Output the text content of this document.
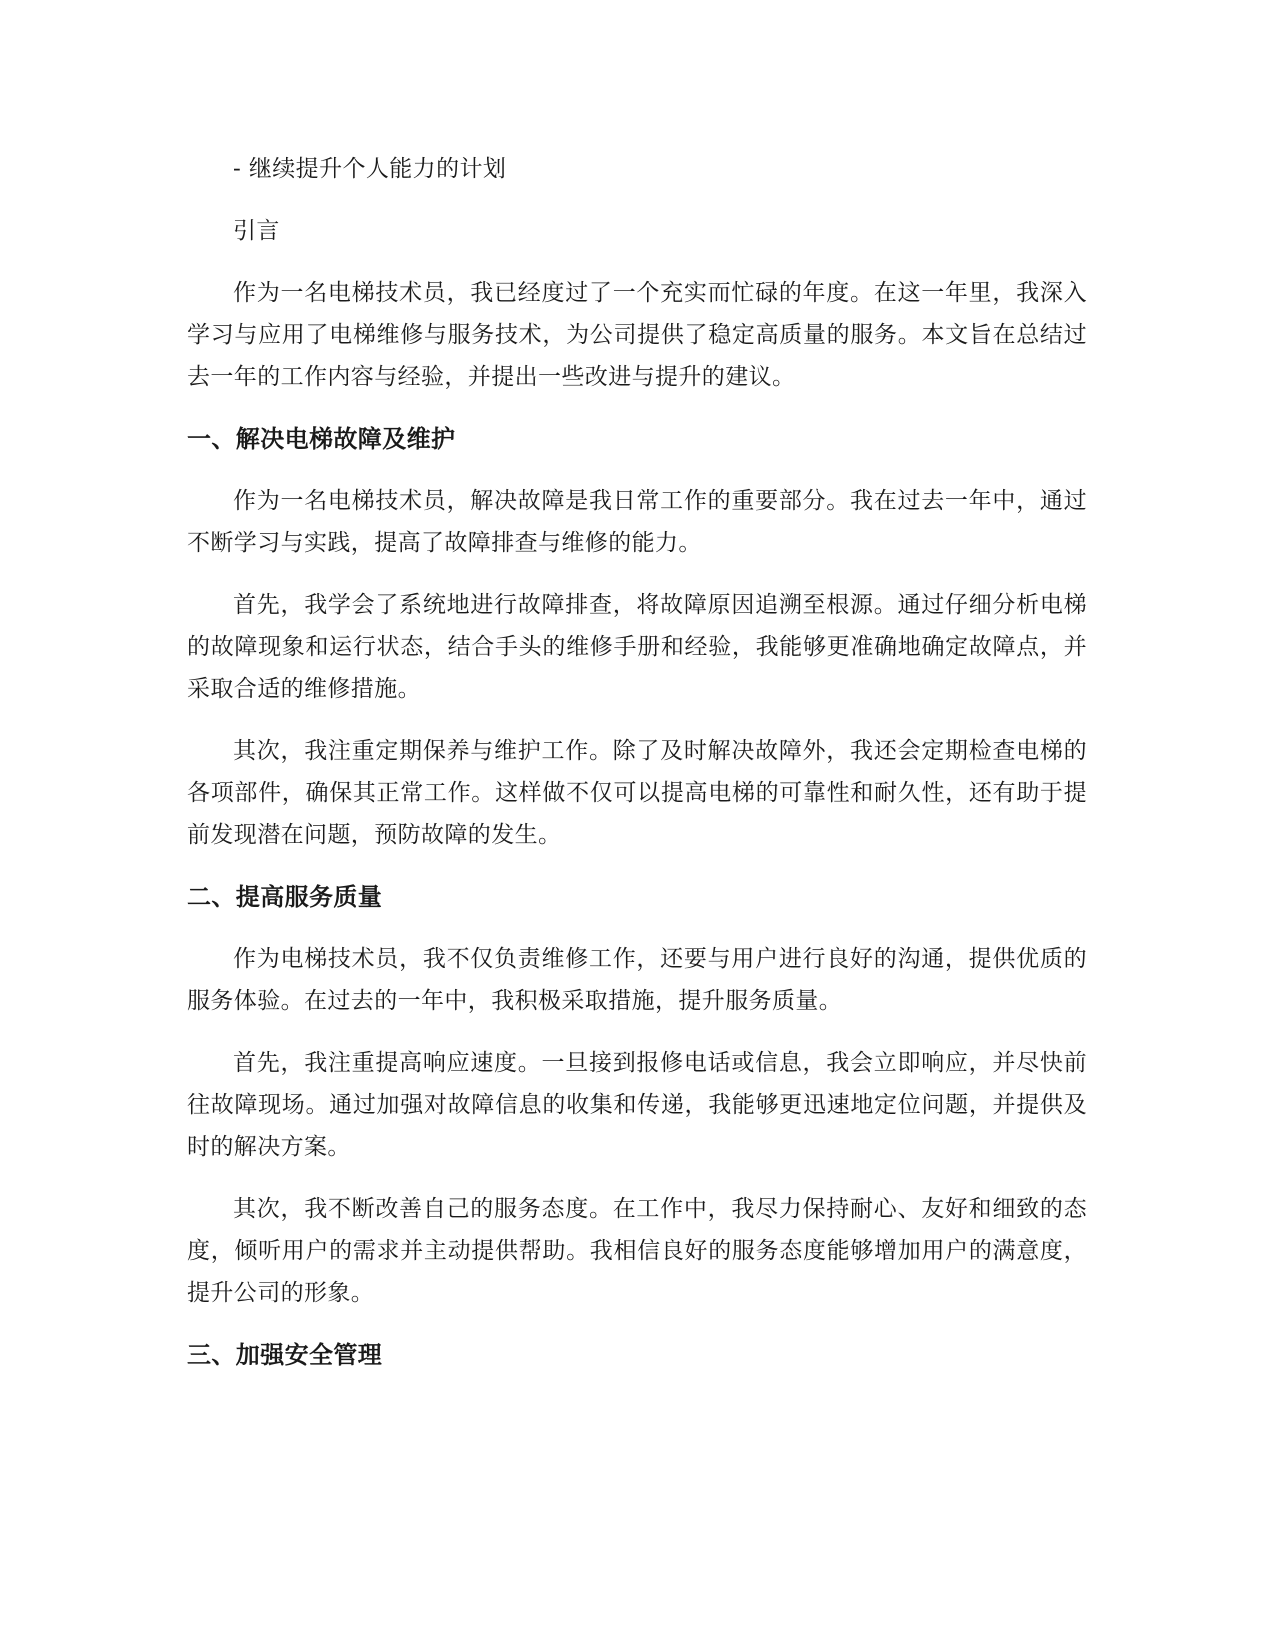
- 继续提升个人能力的计划

引言

作为一名电梯技术员，我已经度过了一个充实而忙碌的年度。在这一年里，我深入学习与应用了电梯维修与服务技术，为公司提供了稳定高质量的服务。本文旨在总结过去一年的工作内容与经验，并提出一些改进与提升的建议。

一、解决电梯故障及维护

作为一名电梯技术员，解决故障是我日常工作的重要部分。我在过去一年中，通过不断学习与实践，提高了故障排查与维修的能力。

首先，我学会了系统地进行故障排查，将故障原因追溯至根源。通过仔细分析电梯的故障现象和运行状态，结合手头的维修手册和经验，我能够更准确地确定故障点，并采取合适的维修措施。

其次，我注重定期保养与维护工作。除了及时解决故障外，我还会定期检查电梯的各项部件，确保其正常工作。这样做不仅可以提高电梯的可靠性和耐久性，还有助于提前发现潜在问题，预防故障的发生。

二、提高服务质量

作为电梯技术员，我不仅负责维修工作，还要与用户进行良好的沟通，提供优质的服务体验。在过去的一年中，我积极采取措施，提升服务质量。

首先，我注重提高响应速度。一旦接到报修电话或信息，我会立即响应，并尽快前往故障现场。通过加强对故障信息的收集和传递，我能够更迅速地定位问题，并提供及时的解决方案。

其次，我不断改善自己的服务态度。在工作中，我尽力保持耐心、友好和细致的态度，倾听用户的需求并主动提供帮助。我相信良好的服务态度能够增加用户的满意度，提升公司的形象。

三、加强安全管理
